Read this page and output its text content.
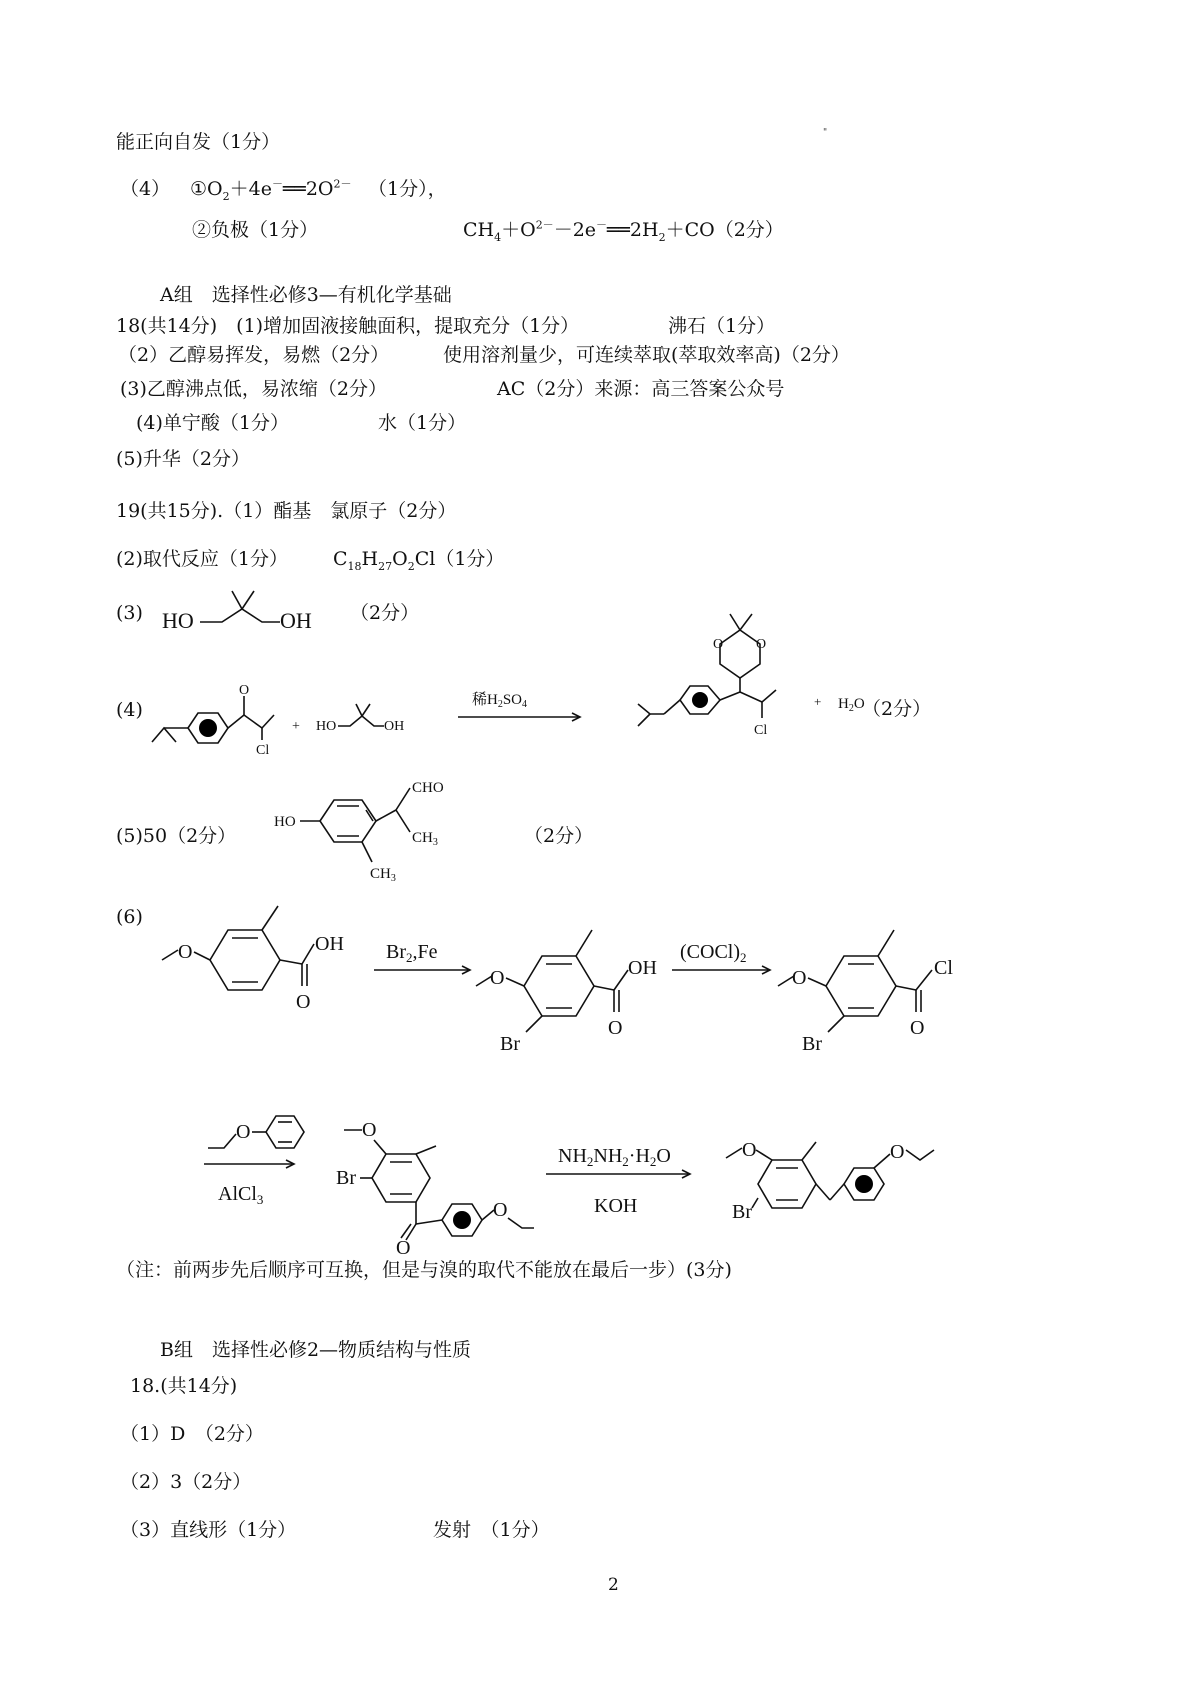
"
能正向自发（1分）
（4） $①O_2+4e^-══2O^{2-}$ （1分），
②负极（1分）	$CH_4+O^{2-}-2e^-══2H_2+CO(2$分）
A组　选择性必修3—有机化学基础
18(共14分)　(1)增加固液接触面积，提取充分（1分）	沸石（1分）
（2）乙醇易挥发，易燃（2分）	使用溶剂量少，可连续萃取(萃取效率高)（2分）
(3)乙醇沸点低，易浓缩（2分）	AC（2分）来源：高三答案公众号
(4)单宁酸（1分）	水（1分）
(5)升华（2分）
19(共15分).（1）酯基　氯原子（2分）
(2)取代反应（1分） $C_{18}H_{27}O_2Cl(1$分）
(3) HO	OH （2分）
(4)
O
Cl
+ HO	OH
稀$H_2SO_4$
O O
Cl
+ $H_2O$
（2分）
(5)50（2分）
HO
CHO
$CH_3$
$CH_3$
（2分）
(6)
O	OH
O
$Br_2,Fe$
O
Br
OH
O
$(COCl)_2$
O
Br
Cl
O
O
AlCl$_3$
O
Br
O
O
$NH_2NH_2\cdot H_2O$
KOH
O
Br
O
（注：前两步先后顺序可互换，但是与溴的取代不能放在最后一步）(3分)
B组　选择性必修2—物质结构与性质
18.(共14分)
（1）D　（2分）
（2）3（2分）
（3）直线形（1分）	发射　（1分）
2
